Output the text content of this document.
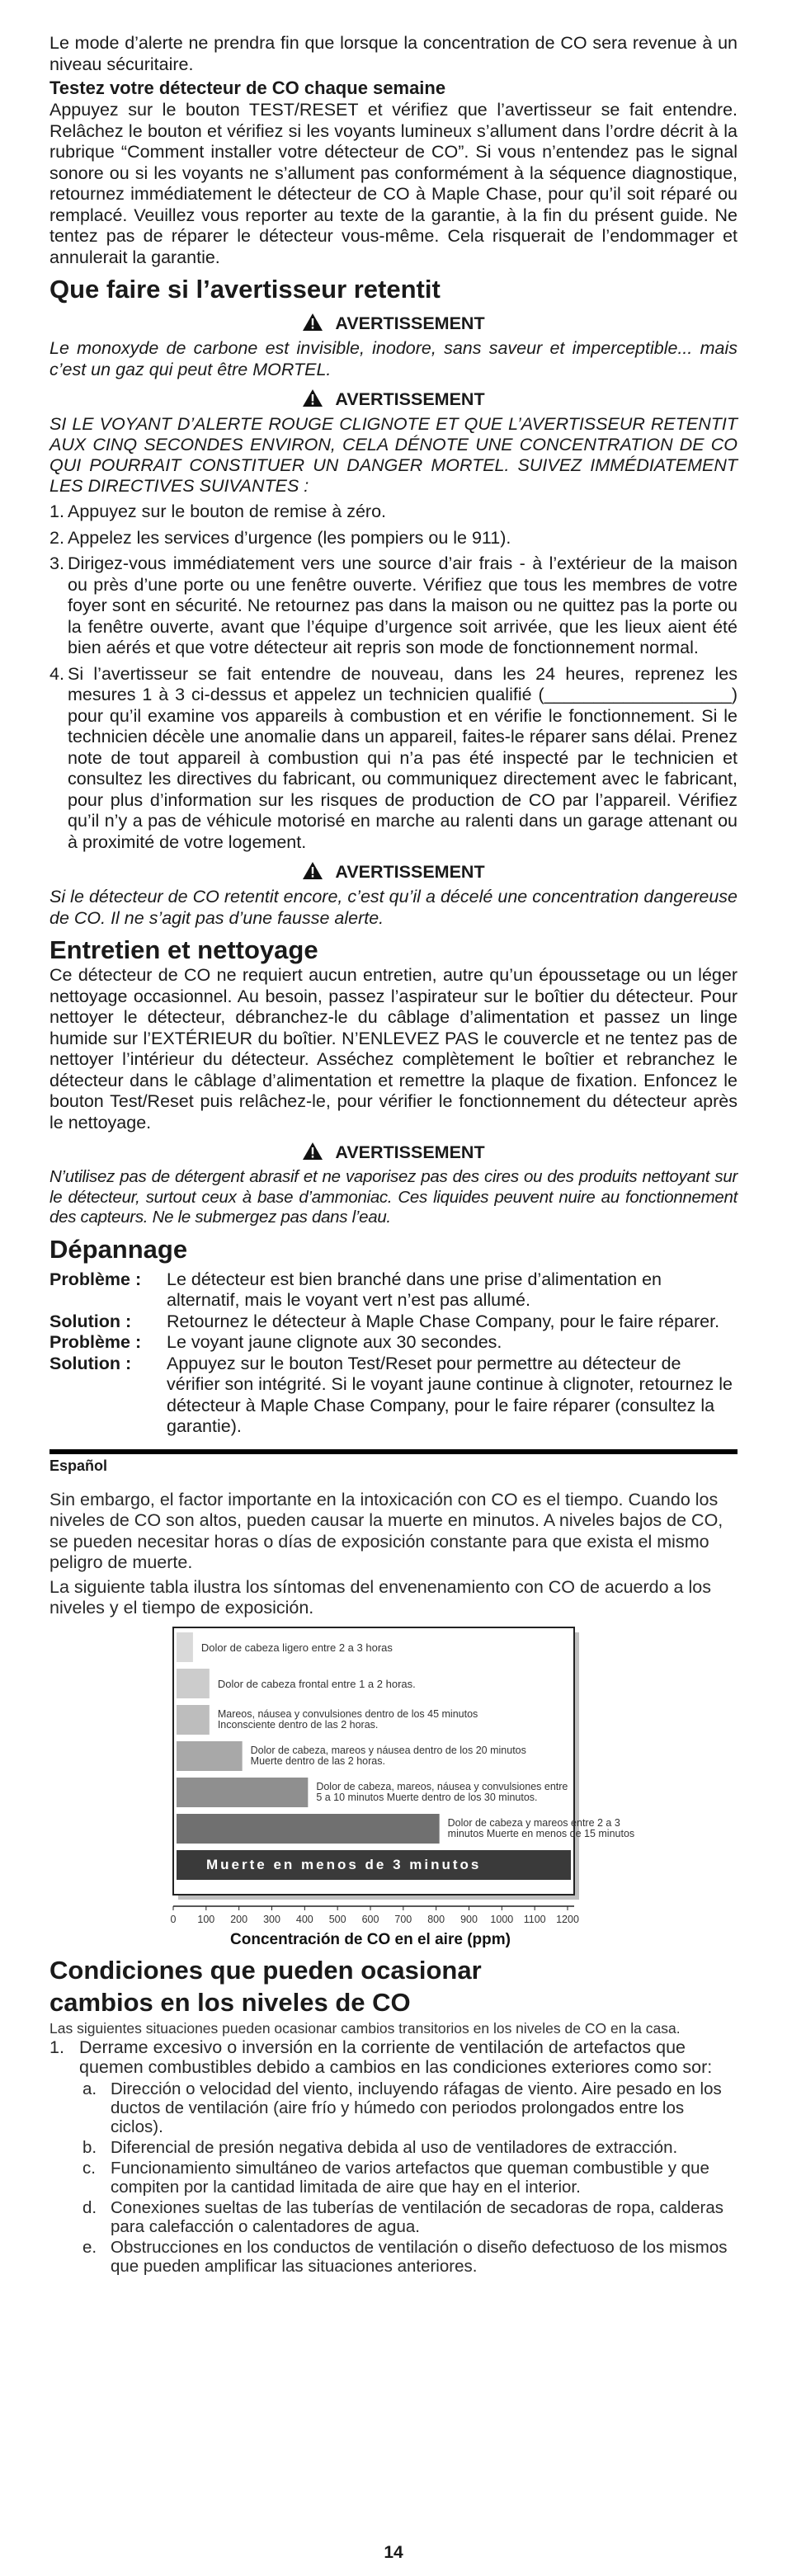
Le mode d’alerte ne prendra fin que lorsque la concentration de CO sera revenue à un niveau sécuritaire.

Testez votre détecteur de CO chaque semaine

Appuyez sur le bouton TEST/RESET et vérifiez que l’avertisseur se fait entendre. Relâchez le bouton et vérifiez si les voyants lumineux s’allument dans l’ordre décrit à la rubrique “Comment installer votre détecteur de CO”. Si vous n’entendez pas le signal sonore ou si les voyants ne s’allument pas conformément à la séquence diagnostique, retournez immédiatement le détecteur de CO à Maple Chase, pour qu’il soit réparé ou remplacé. Veuillez vous reporter au texte de la garantie, à la fin du présent guide. Ne tentez pas de réparer le détecteur vous-même. Cela risquerait de l’endommager et annulerait la garantie.

Que faire si l’avertisseur retentit

AVERTISSEMENT

Le monoxyde de carbone est invisible, inodore, sans saveur et imperceptible... mais c’est un gaz qui peut être MORTEL.

AVERTISSEMENT

SI LE VOYANT D’ALERTE ROUGE CLIGNOTE ET QUE L’AVERTISSEUR RETENTIT AUX CINQ SECONDES ENVIRON, CELA DÉNOTE UNE CONCENTRATION DE CO QUI POURRAIT CONSTITUER UN DANGER MORTEL. SUIVEZ IMMÉDIATEMENT LES DIRECTIVES SUIVANTES :

1. Appuyez sur le bouton de remise à zéro.
2. Appelez les services d’urgence (les pompiers ou le 911).
3. Dirigez-vous immédiatement vers une source d’air frais - à l’extérieur de la maison ou près d’une porte ou une fenêtre ouverte. Vérifiez que tous les membres de votre foyer sont en sécurité. Ne retournez pas dans la maison ou ne quittez pas la porte ou la fenêtre ouverte, avant que l’équipe d’urgence soit arrivée, que les lieux aient été bien aérés et que votre détecteur ait repris son mode de fonctionnement normal.
4. Si l’avertisseur se fait entendre de nouveau, dans les 24 heures, reprenez les mesures 1 à 3 ci-dessus et appelez un technicien qualifié (___________________) pour qu’il examine vos appareils à combustion et en vérifie le fonctionnement. Si le technicien décèle une anomalie dans un appareil, faites-le réparer sans délai. Prenez note de tout appareil à combustion qui n’a pas été inspecté par le technicien et consultez les directives du fabricant, ou communiquez directement avec le fabricant, pour plus d’information sur les risques de production de CO par l’appareil. Vérifiez qu’il n’y a pas de véhicule motorisé en marche au ralenti dans un garage attenant ou à proximité de votre logement.
AVERTISSEMENT

Si le détecteur de CO retentit encore, c’est qu’il a décelé une concentration dangereuse de CO. Il ne s’agit pas d’une fausse alerte.

Entretien et nettoyage

Ce détecteur de CO ne requiert aucun entretien, autre qu’un époussetage ou un léger nettoyage occasionnel. Au besoin, passez l’aspirateur sur le boîtier du détecteur. Pour nettoyer le détecteur, débranchez-le du câblage d’alimentation et passez un linge humide sur l’EXTÉRIEUR du boîtier. N’ENLEVEZ PAS le couvercle et ne tentez pas de nettoyer l’intérieur du détecteur. Asséchez complètement le boîtier et rebranchez le détecteur dans le câblage d’alimentation et remettre la plaque de fixation. Enfoncez le bouton Test/Reset puis relâchez-le, pour vérifier le fonctionnement du détecteur après le nettoyage.

AVERTISSEMENT

N’utilisez pas de détergent abrasif et ne vaporisez pas des cires ou des produits nettoyant sur le détecteur, surtout ceux à base d’ammoniac. Ces liquides peuvent nuire au fonctionnement des capteurs. Ne le submergez pas dans l’eau.

Dépannage

Problème :	Le détecteur est bien branché dans une prise d’alimentation en alternatif, mais le voyant vert n’est pas allumé.
Solution :	Retournez le détecteur à Maple Chase Company, pour le faire réparer.
Problème :	Le voyant jaune clignote aux 30 secondes.
Solution :	Appuyez sur le bouton Test/Reset pour permettre au détecteur de vérifier son intégrité. Si le voyant jaune continue à clignoter, retournez le détecteur à Maple Chase Company, pour le faire réparer (consultez la garantie).
Español

Sin embargo, el factor importante en la intoxicación con CO es el tiempo. Cuando los niveles de CO son altos, pueden causar la muerte en minutos. A niveles bajos de CO, se pueden necesitar horas o días de exposición constante para que exista el mismo peligro de muerte.

La siguiente tabla ilustra los síntomas del envenenamiento con CO de acuerdo a los niveles y el tiempo de exposición.

Dolor de cabeza ligero entre 2 a 3 horas
Dolor de cabeza frontal entre 1 a 2 horas.
Mareos, náusea y convulsiones dentro de los 45 minutos
Inconsciente dentro de las 2 horas.
Dolor de cabeza, mareos y náusea dentro de los 20 minutos
Muerte dentro de las 2 horas.
Dolor de cabeza, mareos, náusea y convulsiones entre
5 a 10 minutos Muerte dentro de los 30 minutos.
Dolor de cabeza y mareos entre 2 a 3
minutos Muerte en menos de 15 minutos
Muerte en menos de 3 minutos
0 100 200 300 400 500 600 700 800 900 1000 1100 1200
Concentración de CO en el aire (ppm)

Condiciones que pueden ocasionar

cambios en los niveles de CO

Las siguientes situaciones pueden ocasionar cambios transitorios en los niveles de CO en la casa.

1. Derrame excesivo o inversión en la corriente de ventilación de artefactos que quemen combustibles debido a cambios en las condiciones exteriores como sor:
a. Dirección o velocidad del viento, incluyendo ráfagas de viento. Aire pesado en los ductos de ventilación (aire frío y húmedo con periodos prolongados entre los ciclos).
b. Diferencial de presión negativa debida al uso de ventiladores de extracción.
c. Funcionamiento simultáneo de varios artefactos que queman combustible y que compiten por la cantidad limitada de aire que hay en el interior.
d. Conexiones sueltas de las tuberías de ventilación de secadoras de ropa, calderas para calefacción o calentadores de agua.
e. Obstrucciones en los conductos de ventilación o diseño defectuoso de los mismos que pueden amplificar las situaciones anteriores.
14
